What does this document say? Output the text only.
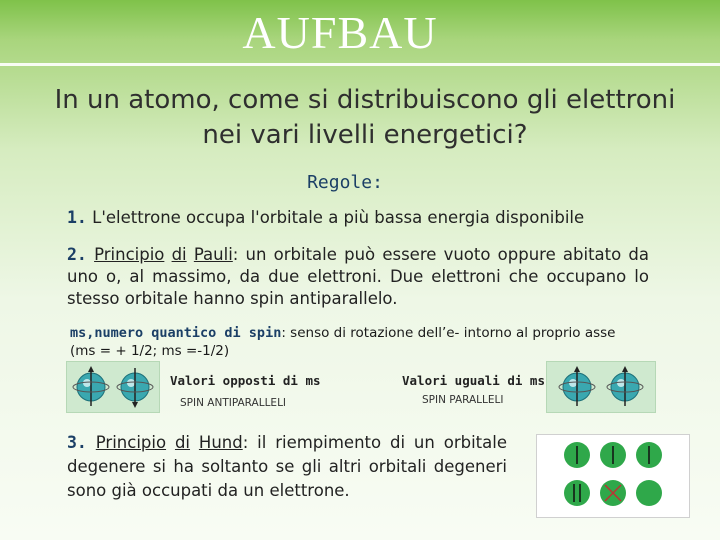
AUFBAU
In un atomo, come si distribuiscono gli elettroni nei vari livelli energetici?
Regole:
1. L'elettrone occupa l'orbitale a più bassa energia disponibile
2. Principio di Pauli: un orbitale può essere vuoto oppure abitato da uno o, al massimo, da due elettroni. Due elettroni che occupano lo stesso orbitale hanno spin antiparallelo.
ms,numero quantico di spin: senso di rotazione dell’e- intorno al proprio asse
(ms = + 1/2; ms =-1/2)
Valori opposti di ms
SPIN ANTIPARALLELI
Valori uguali di ms
SPIN PARALLELI
3. Principio di Hund: il riempimento di un orbitale degenere si ha soltanto se gli altri orbitali degeneri sono già occupati da un elettrone.
